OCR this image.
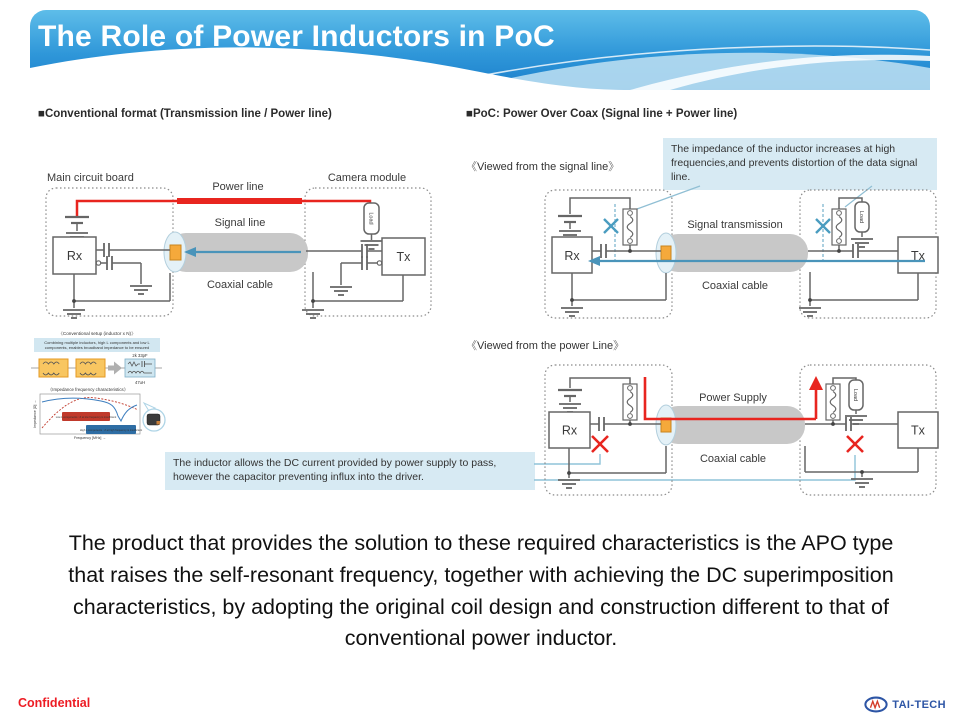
The Role of Power Inductors in PoC
■Conventional format (Transmission line / Power line)	■PoC: Power Over Coax (Signal line + Power line)
《Viewed from the signal line》
The impedance of the inductor increases at high frequencies,and prevents distortion of the data signal line.
《Viewed from the power Line》
The inductor allows the DC current provided by power supply to pass, however the capacitor preventing influx into the driver.
Rx
Load
Tx
Main circuit board
Power line
Camera module
Signal line
Coaxial cable
Rx
Load
Tx
Signal transmission
Coaxial cable
Rx
Load
Tx
Power Supply
Coaxial cable
《Conventional setup (inductor x N)》
Combining multiple inductors, high L components and low L
components, enables broadband impedance to be ensured
2k 33pF
47uH
《Impedance frequency characteristics》
Impedance [Ω] →
Frequency [MHz] →
Low L components : Z at low frequency is insufficient
High L components : Z at high frequency is insufficient

The product that provides the solution to these required characteristics is the APO type that raises the self-resonant frequency, together with achieving the DC superimposition characteristics, by adopting the original coil design and construction different to that of conventional power inductor.

Confidential	TAI-TECH
